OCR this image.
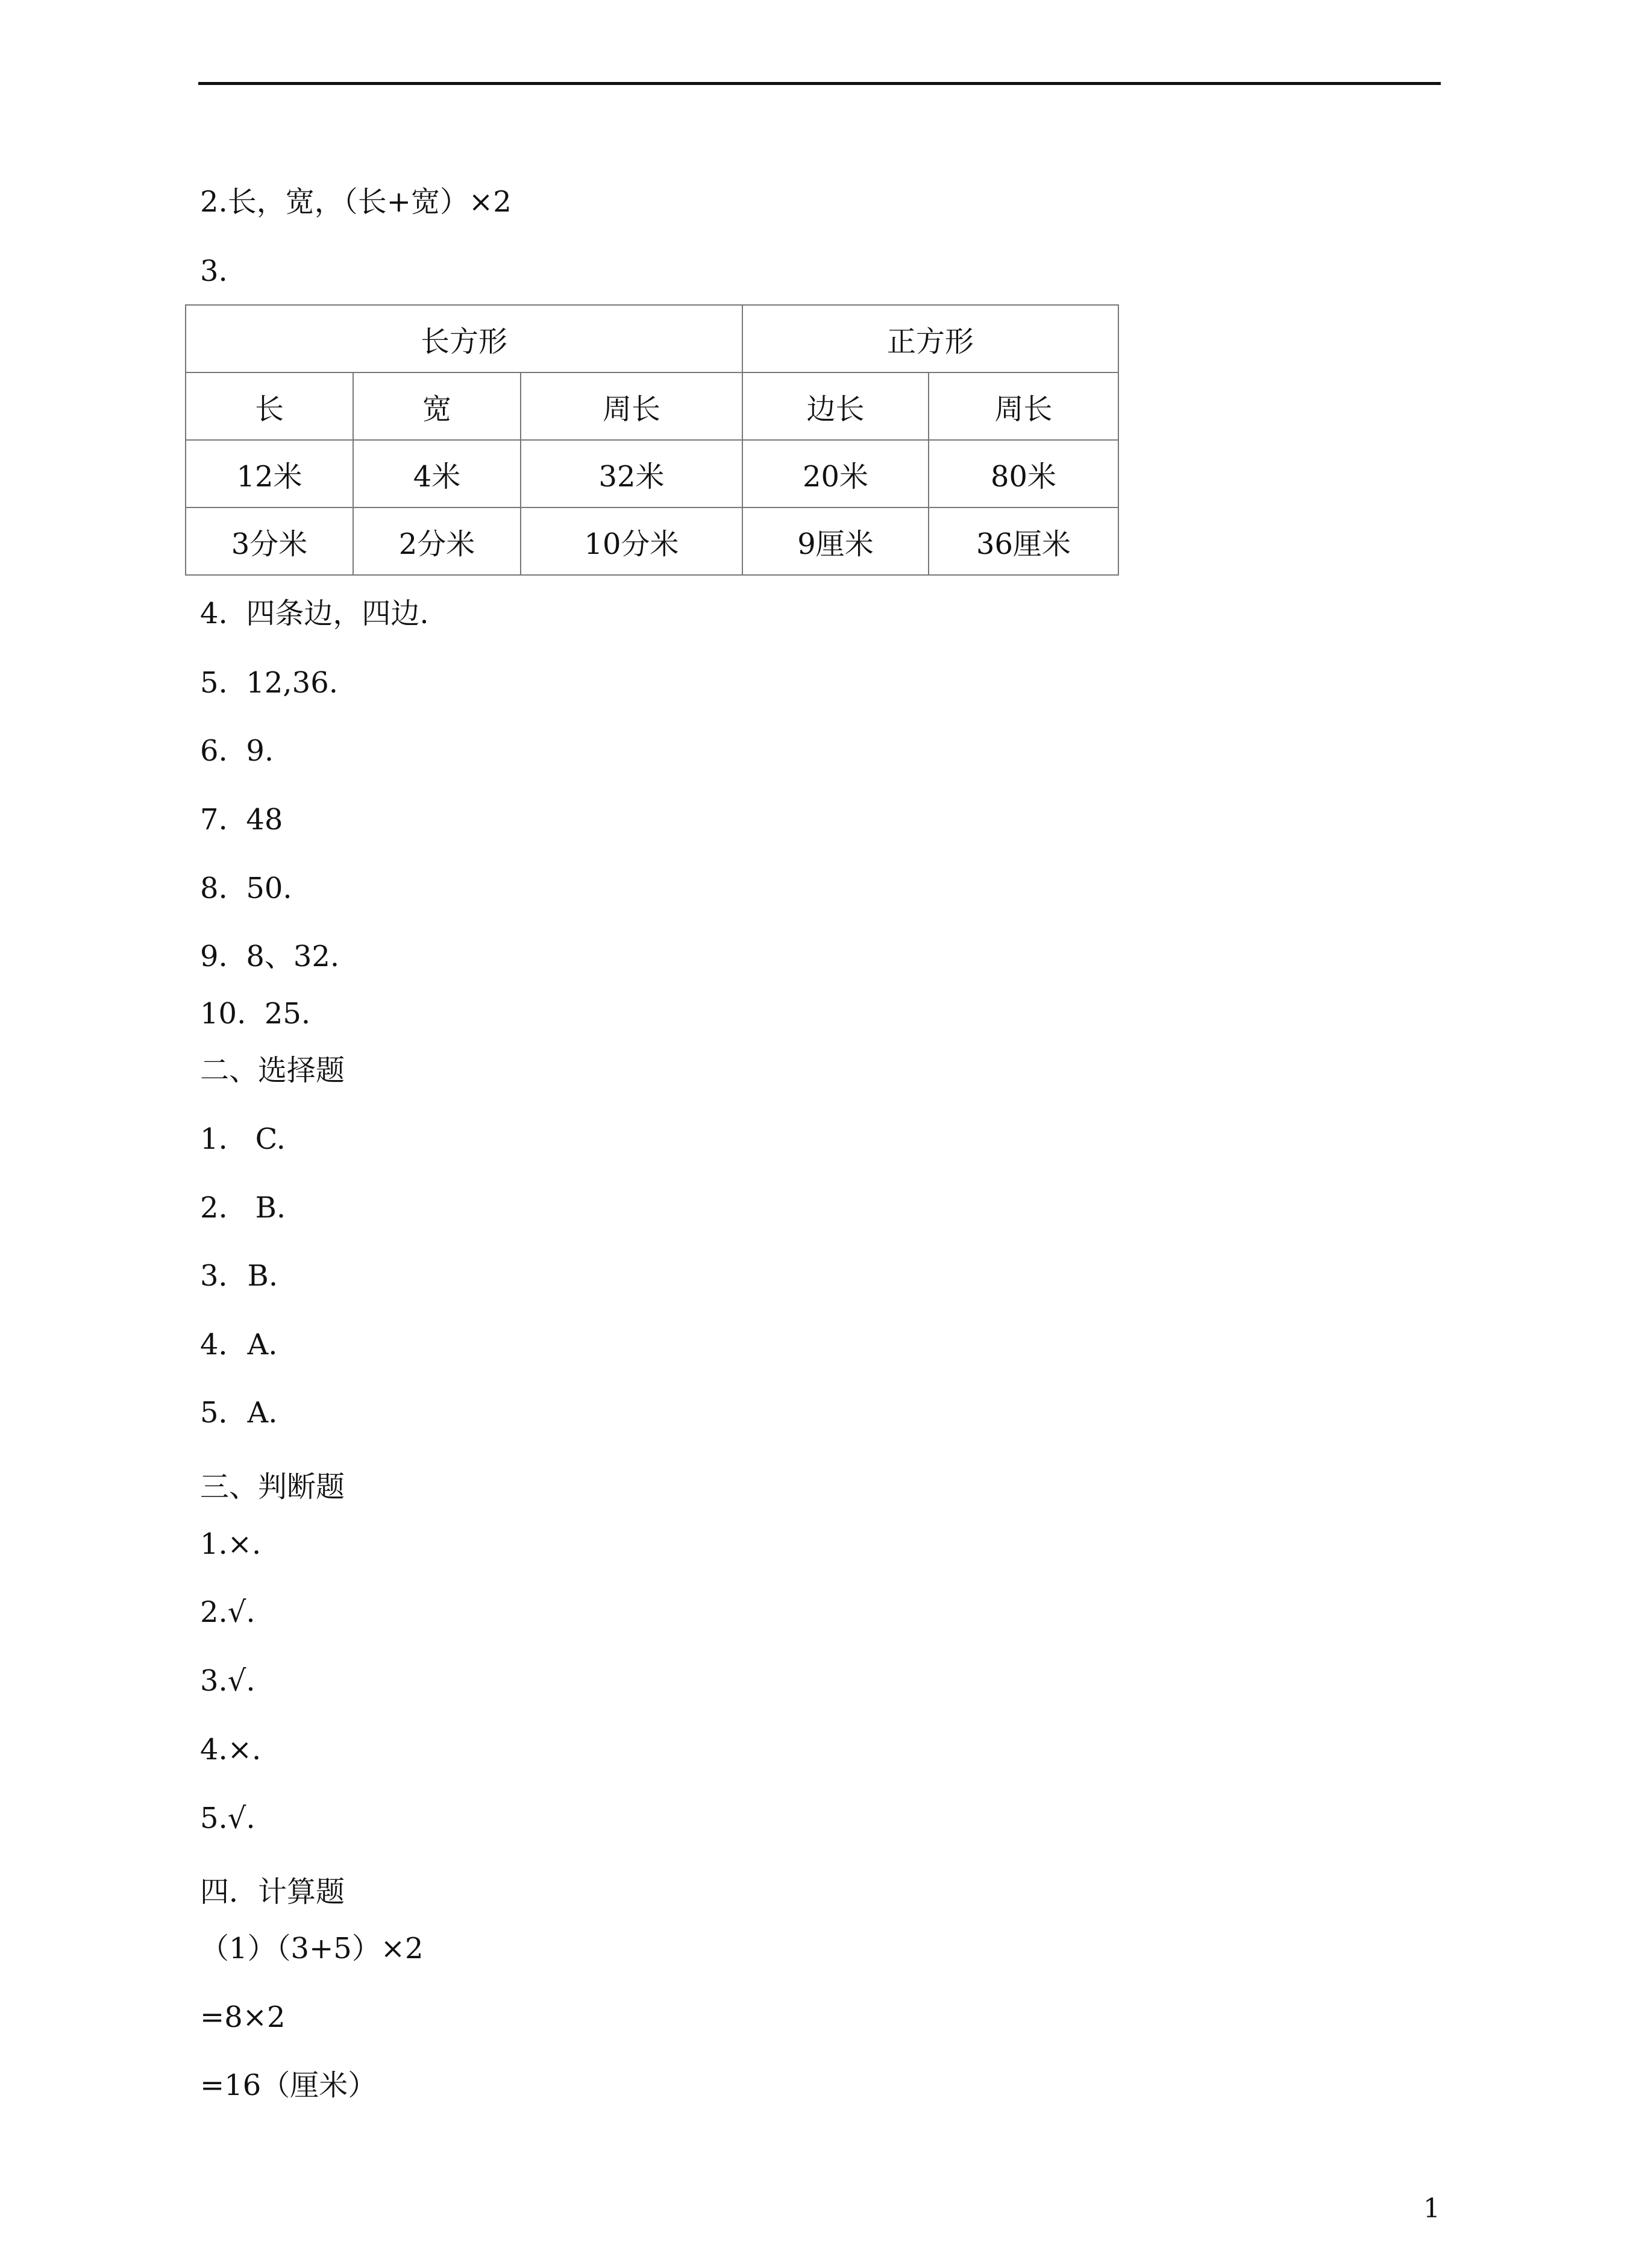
2.长，宽，（长+宽）×2
3.
长方形			正方形	
长	宽	周长	边长	周长
12米	4米	32米	20米	80米
3分米	2分米	10分米	9厘米	36厘米
4.  四条边，四边.
5.  12,36.
6.  9.
7.  48
8.  50.
9.  8、32.
10.  25.
二、选择题
1.   C.
2.   B.
3．B.
4．A.
5．A.
三、判断题
1.×.
2.√.
3.√.
4.×.
5.√.
四．计算题
（1）（3+5）×2
=8×2
=16（厘米）
1
